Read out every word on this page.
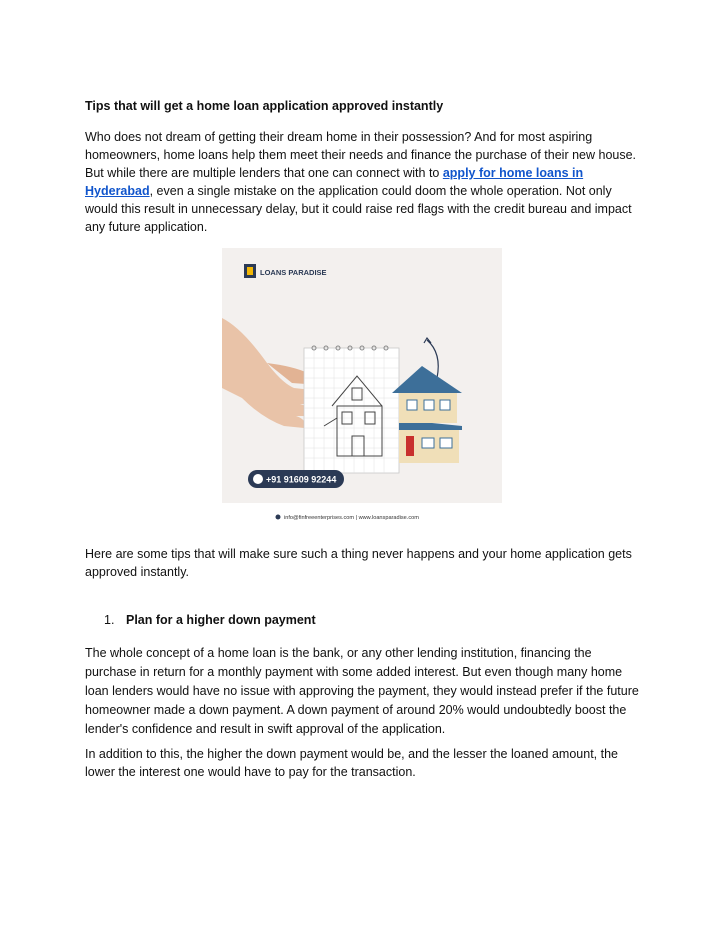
Tips that will get a home loan application approved instantly

Who does not dream of getting their dream home in their possession? And for most aspiring homeowners, home loans help them meet their needs and finance the purchase of their new house. But while there are multiple lenders that one can connect with to apply for home loans in Hyderabad, even a single mistake on the application could doom the whole operation. Not only would this result in unnecessary delay, but it could raise red flags with the credit bureau and impact any future application.

LOANS PARADISE
+91 91609 92244
info@finfreeenterprises.com | www.loansparadise.com

Here are some tips that will make sure such a thing never happens and your home application gets approved instantly.

1. Plan for a higher down payment

The whole concept of a home loan is the bank, or any other lending institution, financing the purchase in return for a monthly payment with some added interest. But even though many home loan lenders would have no issue with approving the payment, they would instead prefer if the future homeowner made a down payment. A down payment of around 20% would undoubtedly boost the lender's confidence and result in swift approval of the application.

In addition to this, the higher the down payment would be, and the lesser the loaned amount, the lower the interest one would have to pay for the transaction.
